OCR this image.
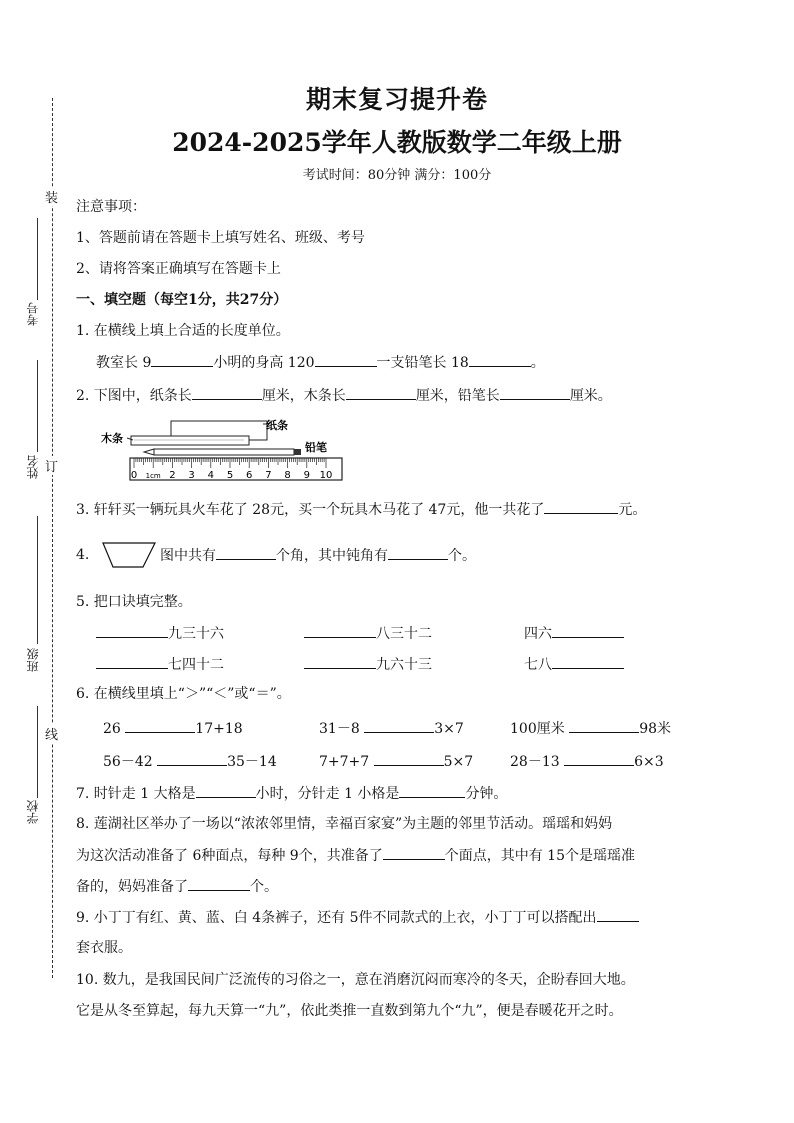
装
订
线
考号
姓名
班级
学校
期末复习提升卷
2024-2025学年人教版数学二年级上册
考试时间：80分钟 满分：100分
注意事项：
1、答题前请在答题卡上填写姓名、班级、考号
2、请将答案正确填写在答题卡上
一、填空题（每空1分，共27分）
1. 在横线上填上合适的长度单位。
教室长 9	小明的身高 120	一支铅笔长 18	。
2. 下图中，纸条长	厘米，木条长	厘米，铅笔长	厘米。
纸条
木条
铅笔
0 1cm 2 3 4 5 6 7 8 9 10
3. 轩轩买一辆玩具火车花了 28元，买一个玩具木马花了 47元，他一共花了	元。
4.	图中共有	个角，其中钝角有	个。
5. 把口诀填完整。
九三十六	八三十二	四六
七四十二	九六十三	七八
6. 在横线里填上“＞”“＜”或“＝”。
26	17+18	31－8	3×7	100厘米	98米
56－42	35－14	7+7+7	5×7	28－13	6×3
7. 时针走 1 大格是	小时，分针走 1 小格是	分钟。
8. 莲湖社区举办了一场以“浓浓邻里情，幸福百家宴”为主题的邻里节活动。瑶瑶和妈妈
为这次活动准备了 6种面点，每种 9个，共准备了	个面点，其中有 15个是瑶瑶准
备的，妈妈准备了	个。
9. 小丁丁有红、黄、蓝、白 4条裤子，还有 5件不同款式的上衣，小丁丁可以搭配出
套衣服。
10. 数九，是我国民间广泛流传的习俗之一，意在消磨沉闷而寒冷的冬天，企盼春回大地。
它是从冬至算起，每九天算一“九”，依此类推一直数到第九个“九”，便是春暖花开之时。
